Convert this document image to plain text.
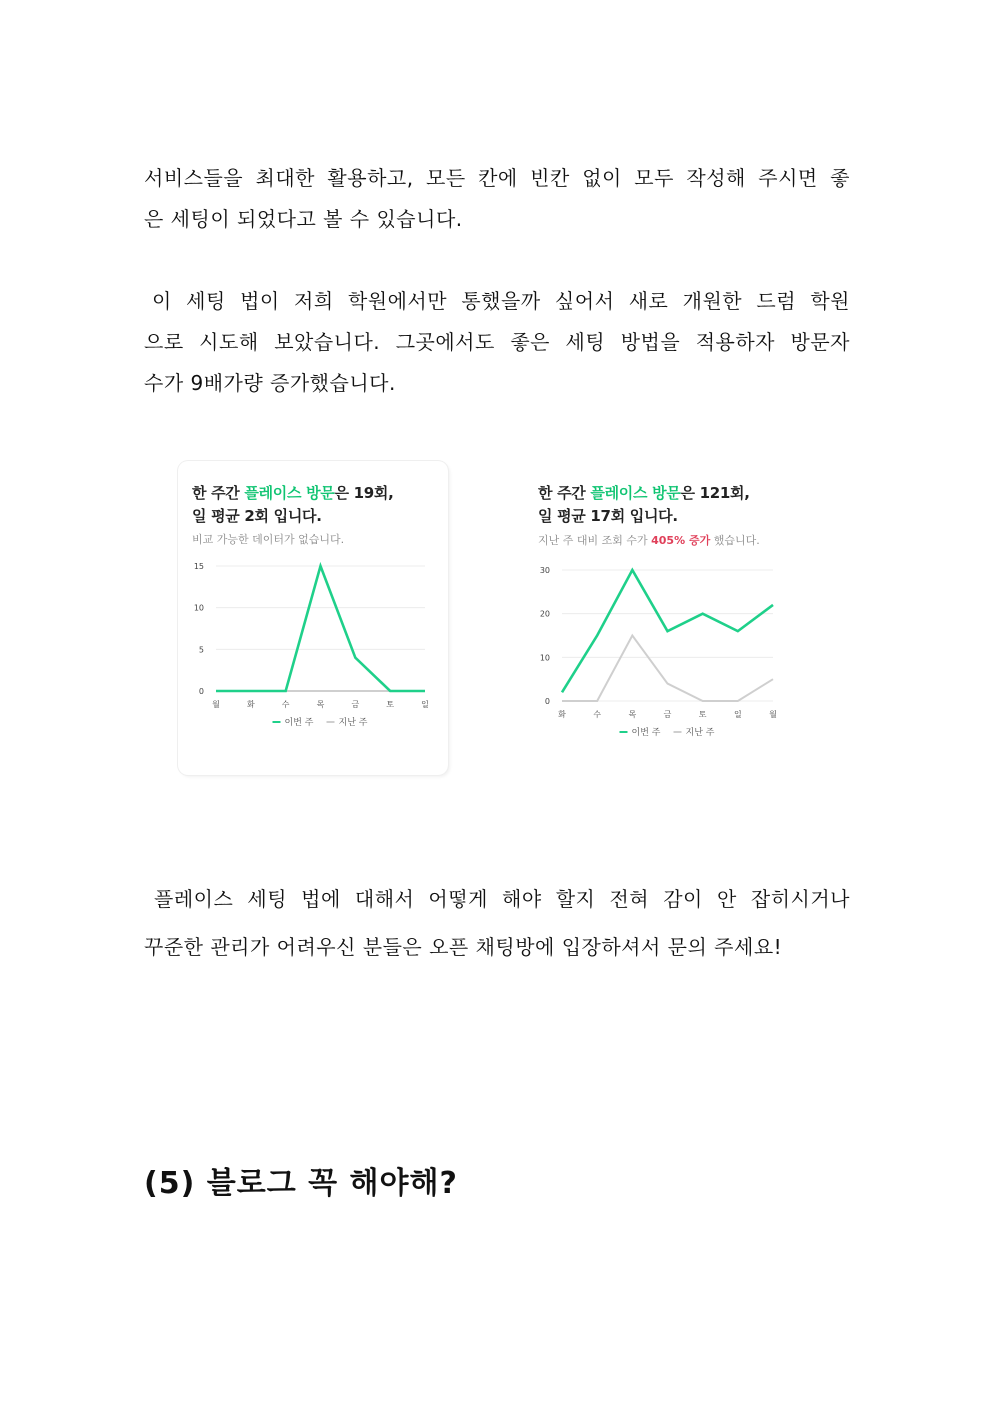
서비스들을 최대한 활용하고, 모든 칸에 빈칸 없이 모두 작성해 주시면 좋
은 세팅이 되었다고 볼 수 있습니다.
이 세팅 법이 저희 학원에서만 통했을까 싶어서 새로 개원한 드럼 학원
으로 시도해 보았습니다. 그곳에서도 좋은 세팅 방법을 적용하자 방문자
수가 9배가량 증가했습니다.
한 주간 플레이스 방문은 19회,
일 평균 2회 입니다.
비교 가능한 데이터가 없습니다.
0
5
10
15
월	화	수	목	금	토	일
이번 주	지난 주
한 주간 플레이스 방문은 121회,
일 평균 17회 입니다.
지난 주 대비 조회 수가 405% 증가 했습니다.
0
10
20
30
화	수	목	금	토	일	월
이번 주	지난 주
플레이스 세팅 법에 대해서 어떻게 해야 할지 전혀 감이 안 잡히시거나
꾸준한 관리가 어려우신 분들은 오픈 채팅방에 입장하셔서 문의 주세요!
(5) 블로그 꼭 해야해?
